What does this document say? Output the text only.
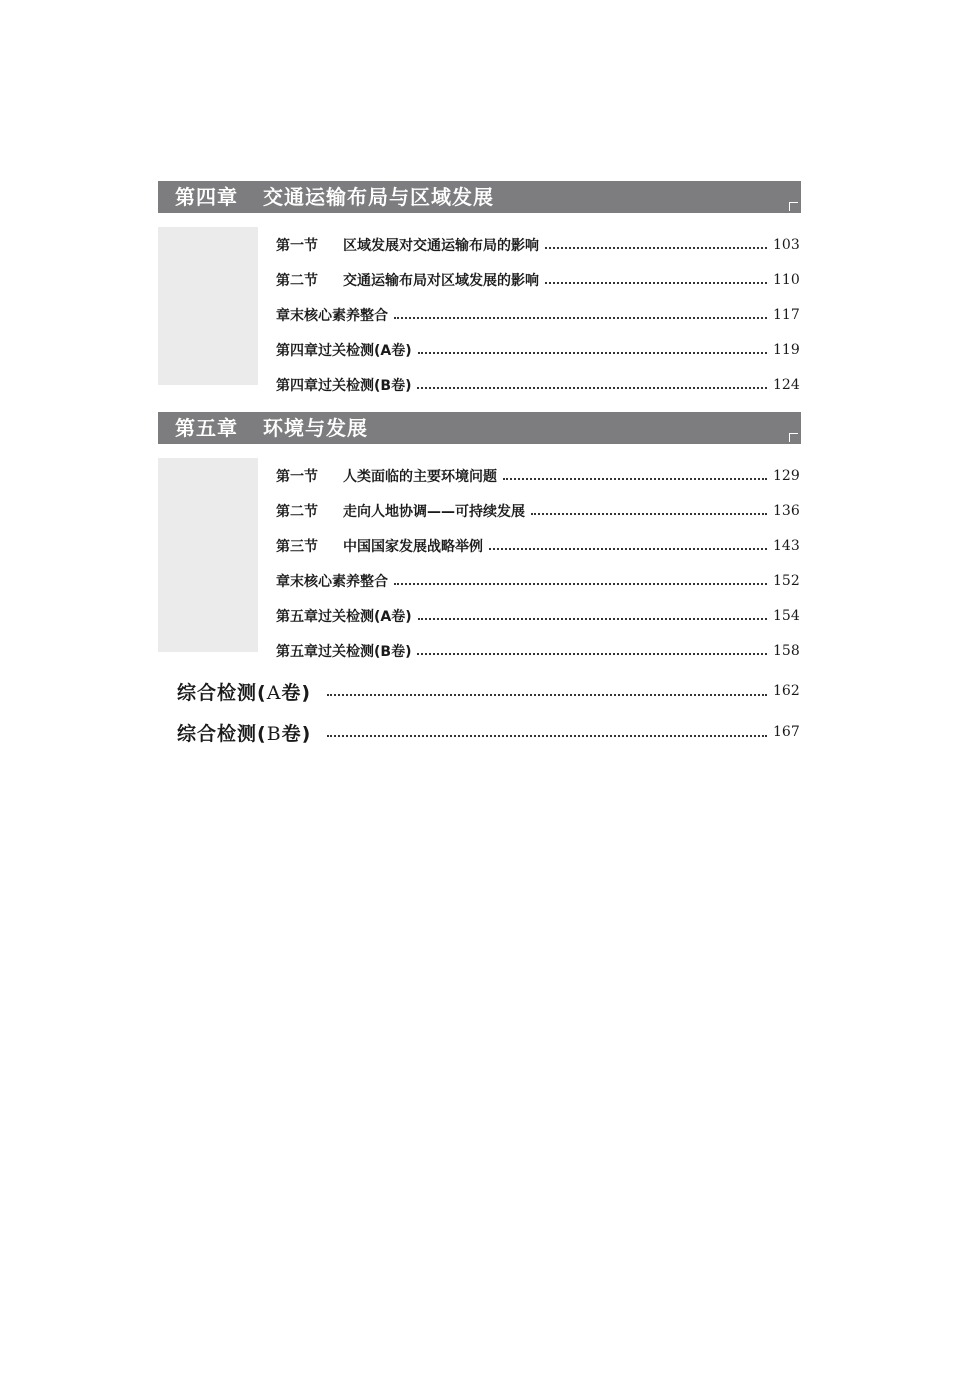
第四章 交通运输布局与区域发展
第一节 区域发展对交通运输布局的影响	103
第二节 交通运输布局对区域发展的影响	110
章末核心素养整合	117
第四章过关检测(A卷)	119
第四章过关检测(B卷)	124
第五章 环境与发展
第一节 人类面临的主要环境问题	129
第二节 走向人地协调——可持续发展	136
第三节 中国国家发展战略举例	143
章末核心素养整合	152
第五章过关检测(A卷)	154
第五章过关检测(B卷)	158
综合检测(A卷)	162
综合检测(B卷)	167
